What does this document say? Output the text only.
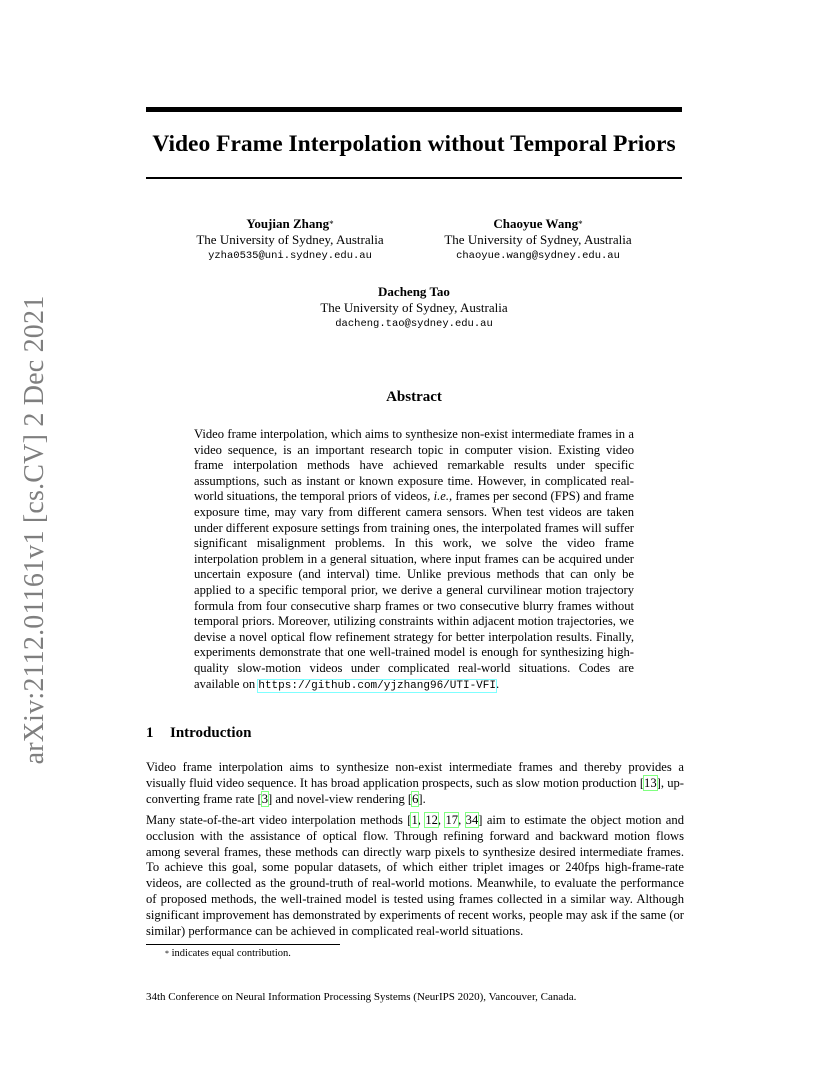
arXiv:2112.01161v1 [cs.CV] 2 Dec 2021
Video Frame Interpolation without Temporal Priors
Youjian Zhang*
The University of Sydney, Australia
yzha0535@uni.sydney.edu.au
Chaoyue Wang*
The University of Sydney, Australia
chaoyue.wang@sydney.edu.au
Dacheng Tao
The University of Sydney, Australia
dacheng.tao@sydney.edu.au
Abstract
Video frame interpolation, which aims to synthesize non-exist intermediate frames in a video sequence, is an important research topic in computer vision. Existing video frame interpolation methods have achieved remarkable results under specific assumptions, such as instant or known exposure time. However, in complicated real-world situations, the temporal priors of videos, i.e., frames per second (FPS) and frame exposure time, may vary from different camera sensors. When test videos are taken under different exposure settings from training ones, the interpolated frames will suffer significant misalignment problems. In this work, we solve the video frame interpolation problem in a general situation, where input frames can be acquired under uncertain exposure (and interval) time. Unlike previous methods that can only be applied to a specific temporal prior, we derive a general curvilinear motion trajectory formula from four consecutive sharp frames or two consecutive blurry frames without temporal priors. Moreover, utilizing constraints within adjacent motion trajectories, we devise a novel optical flow refinement strategy for better interpolation results. Finally, experiments demonstrate that one well-trained model is enough for synthesizing high-quality slow-motion videos under complicated real-world situations. Codes are available on https://github.com/yjzhang96/UTI-VFI.
1 Introduction
Video frame interpolation aims to synthesize non-exist intermediate frames and thereby provides a visually fluid video sequence. It has broad application prospects, such as slow motion production [13], up-converting frame rate [3] and novel-view rendering [6].
Many state-of-the-art video interpolation methods [1, 12, 17, 34] aim to estimate the object motion and occlusion with the assistance of optical flow. Through refining forward and backward motion flows among several frames, these methods can directly warp pixels to synthesize desired intermediate frames. To achieve this goal, some popular datasets, of which either triplet images or 240fps high-frame-rate videos, are collected as the ground-truth of real-world motions. Meanwhile, to evaluate the performance of proposed methods, the well-trained model is tested using frames collected in a similar way. Although significant improvement has demonstrated by experiments of recent works, people may ask if the same (or similar) performance can be achieved in complicated real-world situations.
* indicates equal contribution.
34th Conference on Neural Information Processing Systems (NeurIPS 2020), Vancouver, Canada.
